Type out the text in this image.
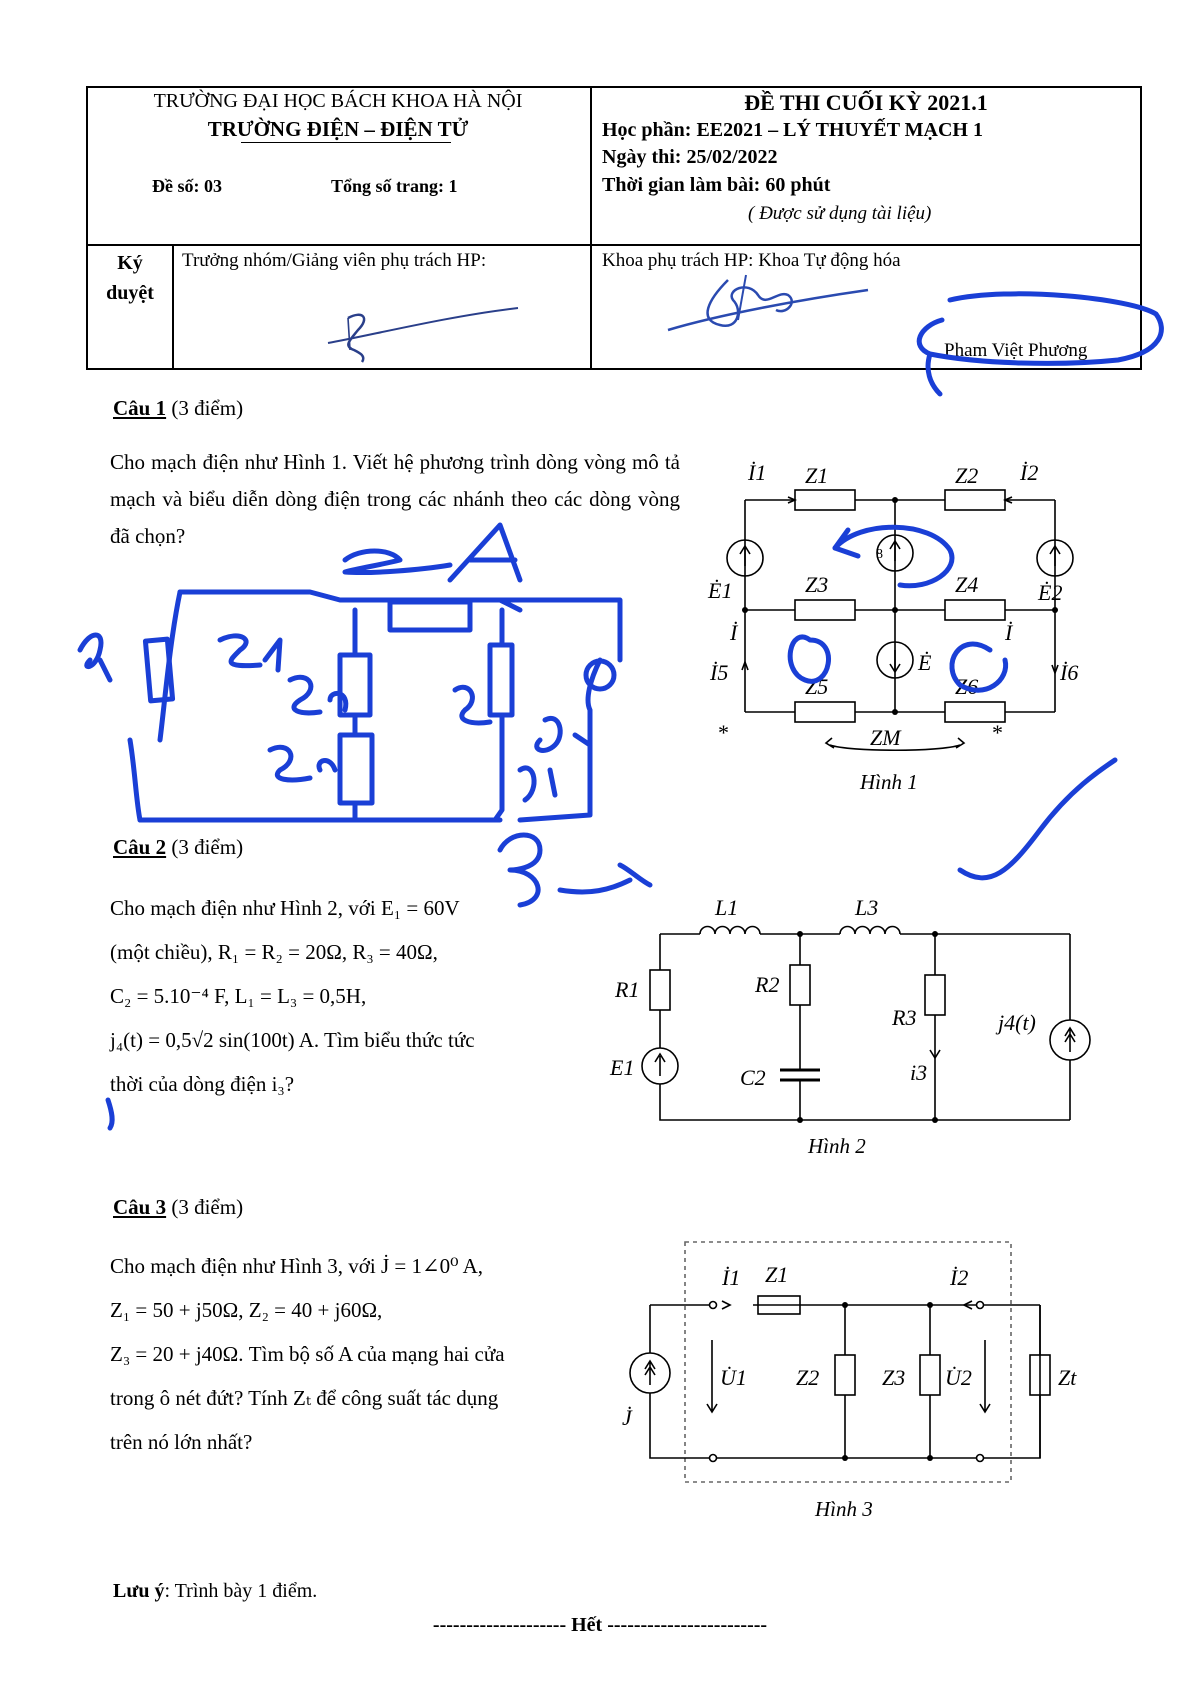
TRƯỜNG ĐẠI HỌC BÁCH KHOA HÀ NỘI
TRƯỜNG ĐIỆN – ĐIỆN TỬ
Đề số: 03	Tổng số trang: 1
ĐỀ THI CUỐI KỲ 2021.1
Học phần: EE2021 – LÝ THUYẾT MẠCH 1
Ngày thi: 25/02/2022
Thời gian làm bài: 60 phút
( Được sử dụng tài liệu)
Ký
duyệt
Trưởng nhóm/Giảng viên phụ trách HP:	Khoa phụ trách HP: Khoa Tự động hóa
Phạm Việt Phương
Câu 1 (3 điểm)
Cho mạch điện như Hình 1. Viết hệ phương trình dòng vòng mô tả mạch và biểu diễn dòng điện trong các nhánh theo các dòng vòng đã chọn?
Z1	Z2
Z3	Z4
Z5	Z6
ZM
İ1	İ2
İ	İ
İ5	İ6
Ė1	Ė2
Ė
8
*	*
Hình 1
Câu 2 (3 điểm)
Cho mạch điện như Hình 2, với E₁ = 60V
(một chiều), R₁ = R₂ = 20Ω, R₃ = 40Ω,
C₂ = 5.10⁻⁴ F, L₁ = L₃ = 0,5H,
j₄(t) = 0,5√2 sin(100t) A. Tìm biểu thức tức
thời của dòng điện i₃?
L1	L3
R1	R2
R3
E1	C2	i3
j4(t)
Hình 2
Câu 3 (3 điểm)
Cho mạch điện như Hình 3, với J̇ = 1∠0⁰ A,
Z₁ = 50 + j50Ω, Z₂ = 40 + j60Ω,
Z₃ = 20 + j40Ω. Tìm bộ số A của mạng hai cửa
trong ô nét đứt? Tính Zₜ để công suất tác dụng
trên nó lớn nhất?
İ1 Z1	İ2
Z2	Z3	Zt
U̇1	U̇2
J̇
Hình 3
Lưu ý: Trình bày 1 điểm.
-------------------- Hết ------------------------
